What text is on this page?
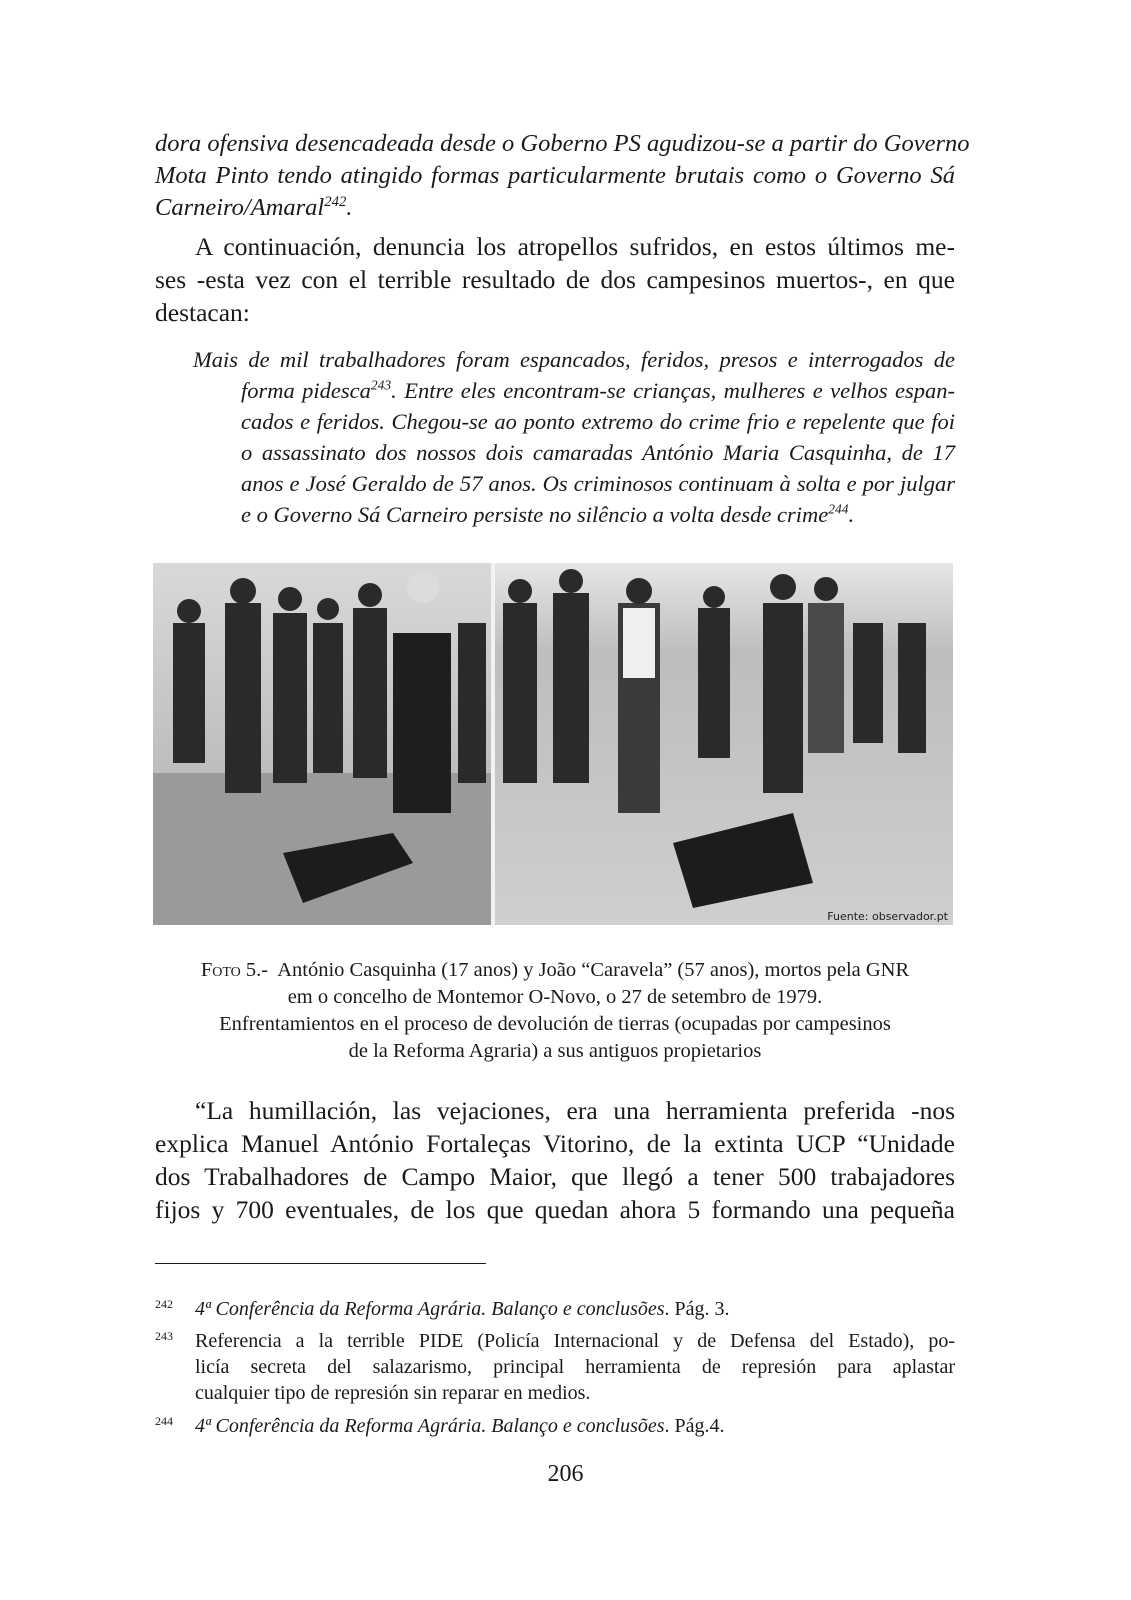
dora ofensiva desencadeada desde o Goberno PS agudizou-se a partir do Governo
Mota Pinto tendo atingido formas particularmente brutais como o Governo Sá
Carneiro/Amaral$^{242}$.
A continuación, denuncia los atropellos sufridos, en estos últimos me-
ses -esta vez con el terrible resultado de dos campesinos muertos-, en que
destacan:
Mais de mil trabalhadores foram espancados, feridos, presos e interrogados de
forma pidesca$^{243}$. Entre eles encontram-se crianças, mulheres e velhos espan-
cados e feridos. Chegou-se ao ponto extremo do crime frio e repelente que foi
o assassinato dos nossos dois camaradas António Maria Casquinha, de 17
anos e José Geraldo de 57 anos. Os criminosos continuam à solta e por julgar
e o Governo Sá Carneiro persiste no silêncio a volta desde crime$^{244}$.
Fuente: observador.pt
Foto 5.- António Casquinha (17 anos) y João “Caravela” (57 anos), mortos pela GNR
em o concelho de Montemor O-Novo, o 27 de setembro de 1979.
Enfrentamientos en el proceso de devolución de tierras (ocupadas por campesinos
de la Reforma Agraria) a sus antiguos propietarios
“La humillación, las vejaciones, era una herramienta preferida -nos
explica Manuel António Fortaleças Vitorino, de la extinta UCP “Unidade
dos Trabalhadores de Campo Maior, que llegó a tener 500 trabajadores
fijos y 700 eventuales, de los que quedan ahora 5 formando una pequeña
242 4ª Conferência da Reforma Agrária. Balanço e conclusões. Pág. 3.
243 Referencia a la terrible PIDE (Policía Internacional y de Defensa del Estado), po-
licía secreta del salazarismo, principal herramienta de represión para aplastar
cualquier tipo de represión sin reparar en medios.
244 4ª Conferência da Reforma Agrária. Balanço e conclusões. Pág.4.
206
